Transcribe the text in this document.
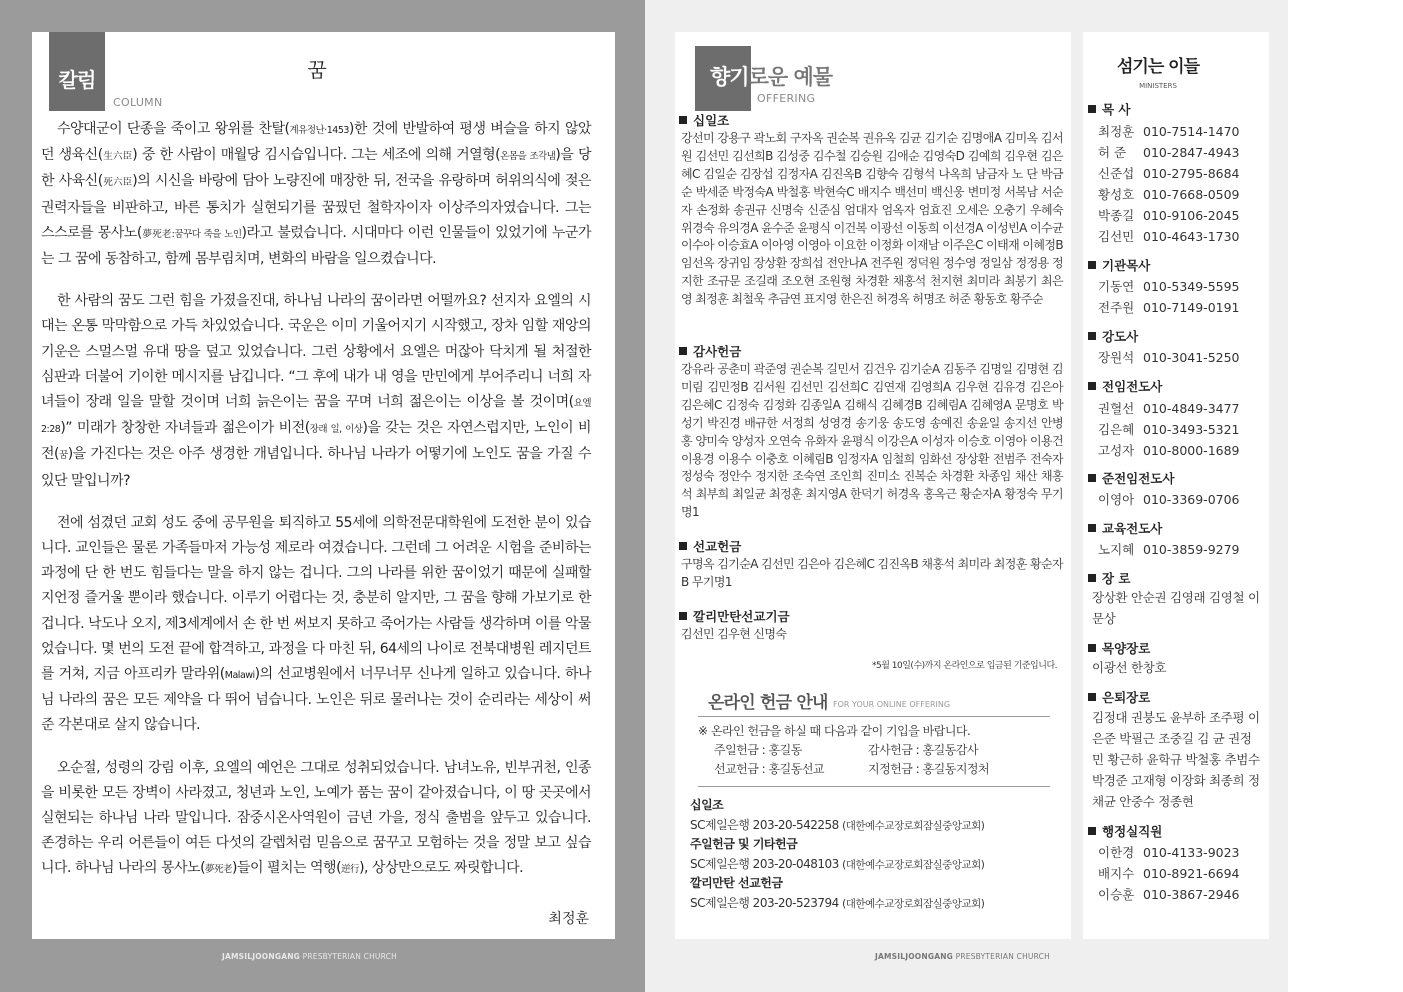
칼럼
COLUMN
꿈

수양대군이 단종을 죽이고 왕위를 찬탈(계유정난·1453)한 것에 반발하여 평생 벼슬을 하지 않았던 생육신(生六臣) 중 한 사람이 매월당 김시습입니다. 그는 세조에 의해 거열형(온몸을 조각냄)을 당한 사육신(死六臣)의 시신을 바랑에 담아 노량진에 매장한 뒤, 전국을 유랑하며 허위의식에 젖은 권력자들을 비판하고, 바른 통치가 실현되기를 꿈꿨던 철학자이자 이상주의자였습니다. 그는 스스로를 몽사노(夢死老:꿈꾸다 죽을 노인)라고 불렀습니다. 시대마다 이런 인물들이 있었기에 누군가는 그 꿈에 동참하고, 함께 몸부림치며, 변화의 바람을 일으켰습니다.

한 사람의 꿈도 그런 힘을 가졌을진대, 하나님 나라의 꿈이라면 어떨까요? 선지자 요엘의 시대는 온통 막막함으로 가득 차있었습니다. 국운은 이미 기울어지기 시작했고, 장차 임할 재앙의 기운은 스멀스멀 유대 땅을 덮고 있었습니다. 그런 상황에서 요엘은 머잖아 닥치게 될 처절한 심판과 더불어 기이한 메시지를 남깁니다. “그 후에 내가 내 영을 만민에게 부어주리니 너희 자녀들이 장래 일을 말할 것이며 너희 늙은이는 꿈을 꾸며 너희 젊은이는 이상을 볼 것이며(요엘 2:28)” 미래가 창창한 자녀들과 젊은이가 비전(장래 일, 이상)을 갖는 것은 자연스럽지만, 노인이 비전(꿈)을 가진다는 것은 아주 생경한 개념입니다. 하나님 나라가 어떻기에 노인도 꿈을 가질 수 있단 말입니까?

전에 섬겼던 교회 성도 중에 공무원을 퇴직하고 55세에 의학전문대학원에 도전한 분이 있습니다. 교인들은 물론 가족들마저 가능성 제로라 여겼습니다. 그런데 그 어려운 시험을 준비하는 과정에 단 한 번도 힘들다는 말을 하지 않는 겁니다. 그의 나라를 위한 꿈이었기 때문에 실패할지언정 즐거울 뿐이라 했습니다. 이루기 어렵다는 것, 충분히 알지만, 그 꿈을 향해 가보기로 한 겁니다. 낙도나 오지, 제3세계에서 손 한 번 써보지 못하고 죽어가는 사람들 생각하며 이를 악물었습니다. 몇 번의 도전 끝에 합격하고, 과정을 다 마친 뒤, 64세의 나이로 전북대병원 레지던트를 거쳐, 지금 아프리카 말라위(Malawi)의 선교병원에서 너무너무 신나게 일하고 있습니다. 하나님 나라의 꿈은 모든 제약을 다 뛰어 넘습니다. 노인은 뒤로 물러나는 것이 순리라는 세상이 써준 각본대로 살지 않습니다.

오순절, 성령의 강림 이후, 요엘의 예언은 그대로 성취되었습니다. 남녀노유, 빈부귀천, 인종을 비롯한 모든 장벽이 사라졌고, 청년과 노인, 노예가 품는 꿈이 같아졌습니다, 이 땅 곳곳에서 실현되는 하나님 나라 말입니다. 잠중시온사역원이 금년 가을, 정식 출범을 앞두고 있습니다. 존경하는 우리 어른들이 여든 다섯의 갈렙처럼 믿음으로 꿈꾸고 모험하는 것을 정말 보고 싶습니다. 하나님 나라의 몽사노(夢死老)들이 펼치는 역행(逆行), 상상만으로도 짜릿합니다.

최정훈
JAMSILJOONGANG PRESBYTERIAN CHURCH
향기로운 예물
OFFERING
십일조
강선미 강용구 곽노회 구자옥 권순복 권유옥 김균 김기순 김명애A 김미옥 김서원 김선민 김선희B 김성중 김수철 김승원 김애순 김영숙D 김예희 김우현 김은혜C 김일순 김장섭 김정자A 김진옥B 김향숙 김형석 나옥희 남금자 노 단 박금순 박세준 박정숙A 박철홍 박현숙C 배지수 백선미 백신웅 변미정 서복남 서순자 손정화 송권규 신명숙 신준심 엄대자 엄옥자 엄효진 오세은 오충기 우혜숙 위경숙 유의경A 윤수준 윤평식 이건복 이광선 이동희 이선경A 이성빈A 이수균 이수아 이승효A 이아영 이영아 이요한 이정화 이재남 이주은C 이태재 이혜정B 임선옥 장귀임 장상환 장희섭 전안나A 전주원 정덕원 정수영 정일삼 정정용 정지한 조규문 조길래 조오현 조원형 차경환 채홍석 천지현 최미라 최봉기 최은영 최정훈 최철욱 추금연 표지영 한은진 허경옥 허명조 허준 황동호 황주순
감사헌금
강유라 공춘미 곽준영 권순복 길민서 김건우 김기순A 김동주 김명일 김명현 김미림 김민정B 김서원 김선민 김선희C 김연재 김영희A 김우현 김유경 김은아 김은혜C 김정숙 김정화 김종일A 김해식 김혜경B 김혜림A 김혜영A 문명호 박성기 박진경 배규한 서정희 성영경 송기웅 송도영 송예진 송윤일 송지선 안병홍 양미숙 양성자 오연숙 유화자 윤평식 이강은A 이성자 이승호 이영아 이용건 이용경 이용수 이충호 이혜림B 임정자A 임철희 임화선 장상환 전범주 전숙자 정성숙 정안수 정지한 조숙연 조인희 진미소 진복순 차경환 차종임 채산 채홍석 최부희 최일균 최정훈 최지영A 한덕기 허경옥 홍옥근 황순자A 황정숙 무기명1
선교헌금
구명옥 김기순A 김선민 김은아 김은혜C 김진옥B 채홍석 최미라 최정훈 황순자B 무기명1
깔리만탄선교기금
김선민 김우현 신명숙
*5월 10일(수)까지 온라인으로 입금된 기준입니다.
온라인 헌금 안내 FOR YOUR ONLINE OFFERING
※ 온라인 헌금을 하실 때 다음과 같이 기입을 바랍니다.
주일헌금 : 홍길동	감사헌금 : 홍길동감사
선교헌금 : 홍길동선교	지정헌금 : 홍길동지정처
십일조
SC제일은행 203-20-542258 (대한예수교장로회잠실중앙교회)
주일헌금 및 기타헌금
SC제일은행 203-20-048103 (대한예수교장로회잠실중앙교회)
깔리만탄 선교헌금
SC제일은행 203-20-523794 (대한예수교장로회잠실중앙교회)
JAMSILJOONGANG PRESBYTERIAN CHURCH
섬기는 이들
MINISTERS
목 사
최정훈 010-7514-1470
허 준 010-2847-4943
신준섭 010-2795-8684
황성호 010-7668-0509
박종길 010-9106-2045
김선민 010-4643-1730
기관목사
기동연 010-5349-5595
전주원 010-7149-0191
강도사
장원석 010-3041-5250
전임전도사
권혈선 010-4849-3477
김은혜 010-3493-5321
고성자 010-8000-1689
준전임전도사
이영아 010-3369-0706
교육전도사
노지혜 010-3859-9279
장 로
장상환 안순권 김영래 김영철 이문상
목양장로
이광선 한창호
은퇴장로
김정대 권붕도 윤부하 조주평 이은준 박필근 조중길 김 균 권정민 황근하 윤학규 박철홍 추범수 박경준 고재형 이장화 최종희 정채균 안중수 정종현
행정실직원
이한경 010-4133-9023
배지수 010-8921-6694
이승훈 010-3867-2946
